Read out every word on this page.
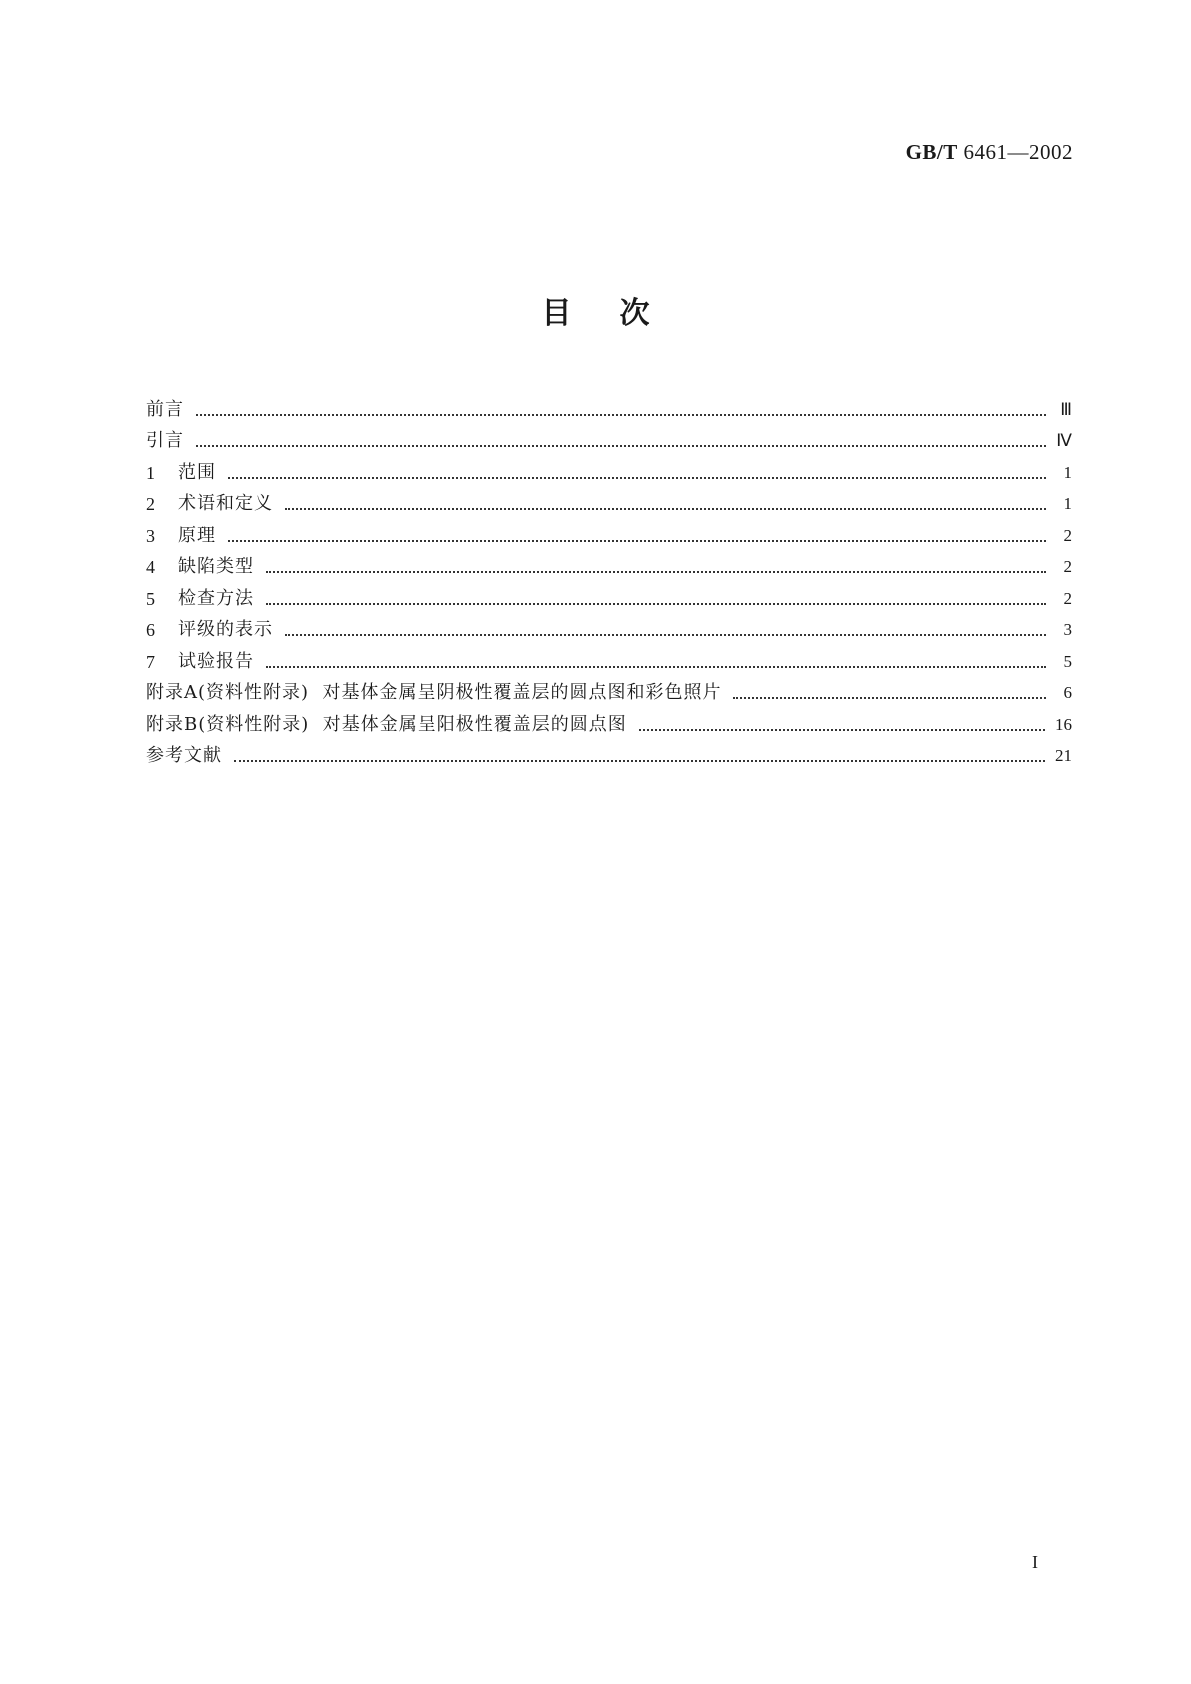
GB/T 6461—2002
目次
前言	Ⅲ
引言	Ⅳ
1	范围	1
2	术语和定义	1
3	原理	2
4	缺陷类型	2
5	检查方法	2
6	评级的表示	3
7	试验报告	5
附录A(资料性附录)  对基体金属呈阴极性覆盖层的圆点图和彩色照片	6
附录B(资料性附录)  对基体金属呈阳极性覆盖层的圆点图	16
参考文献	21
I
